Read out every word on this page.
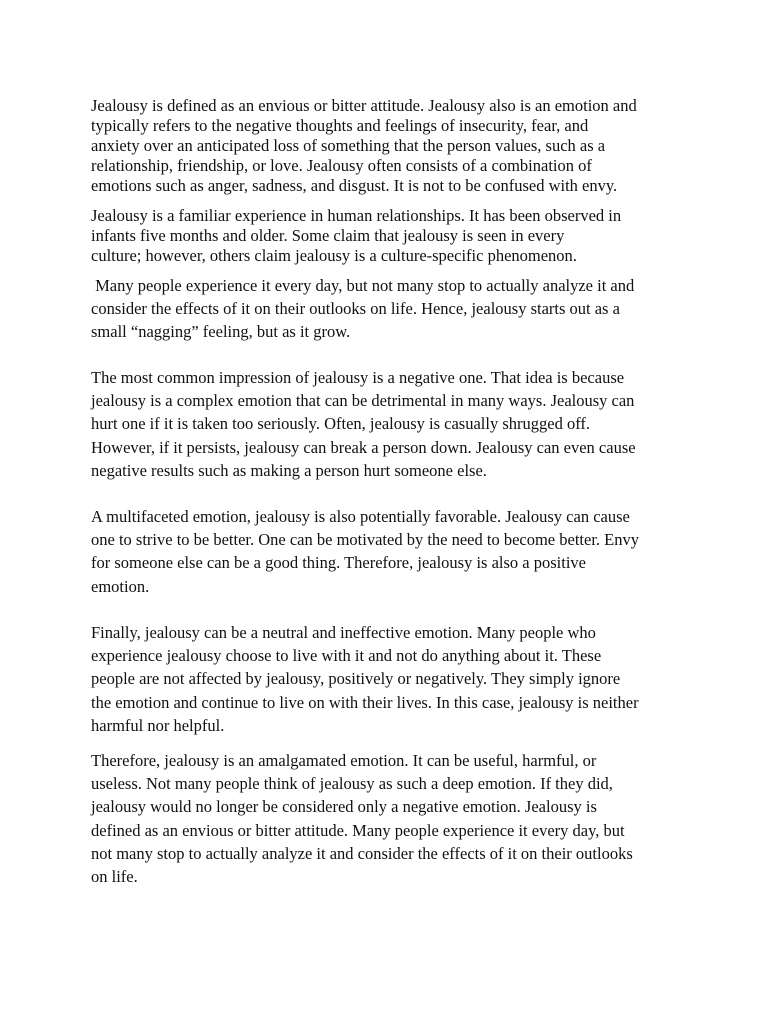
Jealousy is defined as an envious or bitter attitude. Jealousy also is an emotion and
typically refers to the negative thoughts and feelings of insecurity, fear, and
anxiety over an anticipated loss of something that the person values, such as a
relationship, friendship, or love. Jealousy often consists of a combination of
emotions such as anger, sadness, and disgust. It is not to be confused with envy.

Jealousy is a familiar experience in human relationships. It has been observed in
infants five months and older. Some claim that jealousy is seen in every
culture; however, others claim jealousy is a culture-specific phenomenon.

Many people experience it every day, but not many stop to actually analyze it and
consider the effects of it on their outlooks on life. Hence, jealousy starts out as a
small “nagging” feeling, but as it grow.

The most common impression of jealousy is a negative one. That idea is because
jealousy is a complex emotion that can be detrimental in many ways. Jealousy can
hurt one if it is taken too seriously. Often, jealousy is casually shrugged off.
However, if it persists, jealousy can break a person down. Jealousy can even cause
negative results such as making a person hurt someone else.

A multifaceted emotion, jealousy is also potentially favorable. Jealousy can cause
one to strive to be better. One can be motivated by the need to become better. Envy
for someone else can be a good thing. Therefore, jealousy is also a positive
emotion.

Finally, jealousy can be a neutral and ineffective emotion. Many people who
experience jealousy choose to live with it and not do anything about it. These
people are not affected by jealousy, positively or negatively. They simply ignore
the emotion and continue to live on with their lives. In this case, jealousy is neither
harmful nor helpful.

Therefore, jealousy is an amalgamated emotion. It can be useful, harmful, or
useless. Not many people think of jealousy as such a deep emotion. If they did,
jealousy would no longer be considered only a negative emotion. Jealousy is
defined as an envious or bitter attitude. Many people experience it every day, but
not many stop to actually analyze it and consider the effects of it on their outlooks
on life.
